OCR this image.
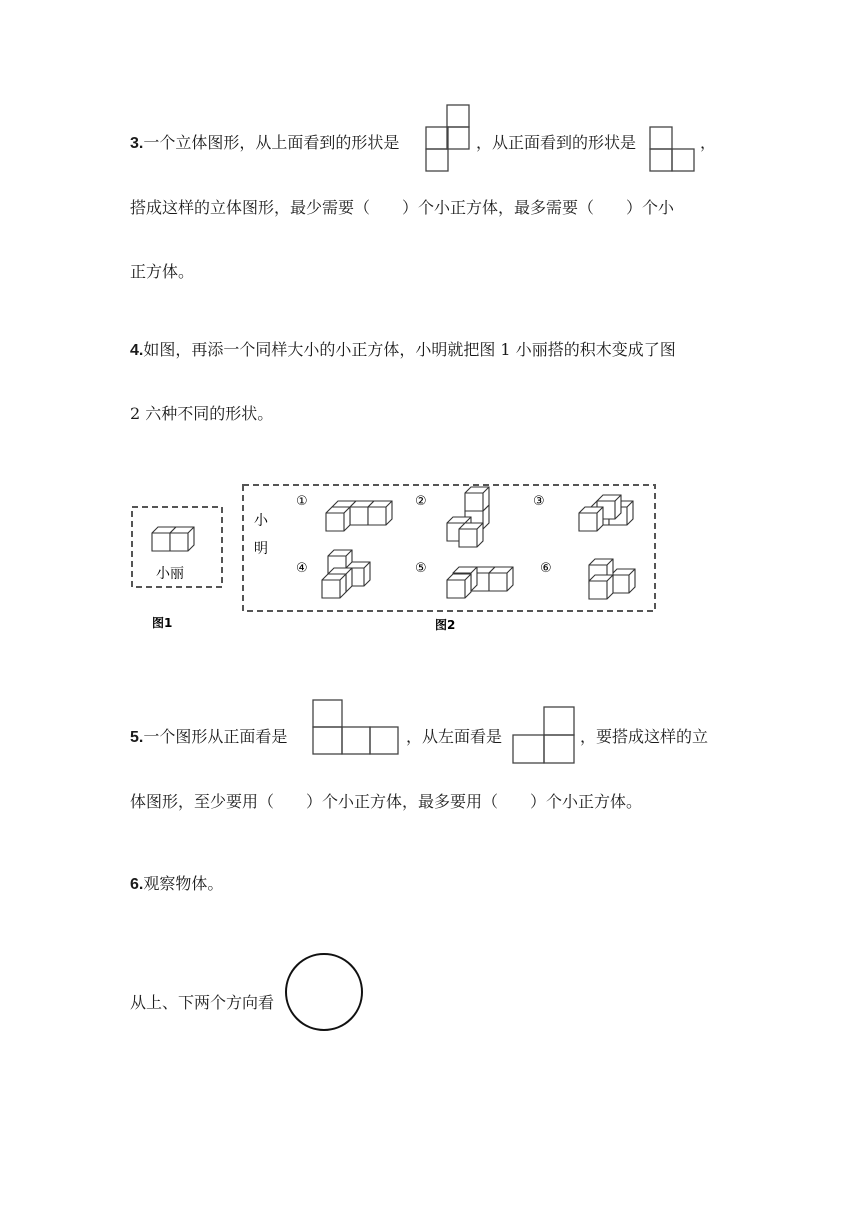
3.一个立体图形，从上面看到的形状是	，从正面看到的形状是	，
搭成这样的立体图形，最少需要（　　）个小正方体，最多需要（　　）个小
正方体。
4.如图，再添一个同样大小的小正方体，小明就把图 1 小丽搭的积木变成了图
2 六种不同的形状。
小丽
图1
小
明
图2
①	②	③
④	⑤	⑥
5.一个图形从正面看是	，从左面看是	，要搭成这样的立
体图形，至少要用（　　）个小正方体，最多要用（　　）个小正方体。
6.观察物体。
从上、下两个方向看
